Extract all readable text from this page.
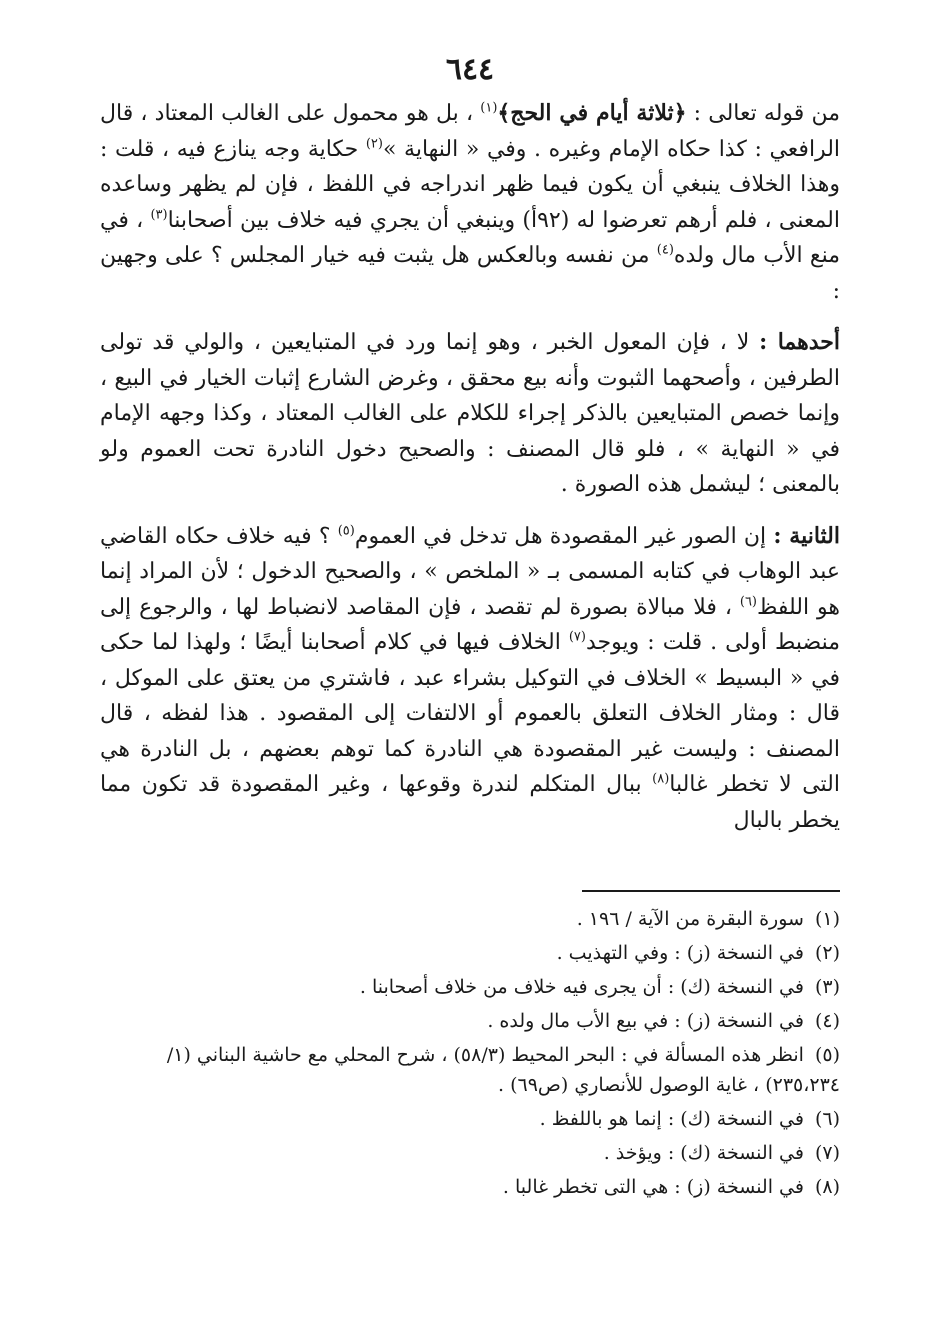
٦٤٤

من قوله تعالى : ﴿ثلاثة أيام في الحج﴾$^{(١)}$ ، بل هو محمول على الغالب المعتاد ، قال الرافعي : كذا حكاه الإمام وغيره . وفي « النهاية »$^{(٢)}$ حكاية وجه ينازع فيه ، قلت : وهذا الخلاف ينبغي أن يكون فيما ظهر اندراجه في اللفظ ، فإن لم يظهر وساعده المعنى ، فلم أرهم تعرضوا له (٩٢أ) وينبغي أن يجري فيه خلاف بين أصحابنا$^{(٣)}$ ، في منع الأب مال ولده$^{(٤)}$ من نفسه وبالعكس هل يثبت فيه خيار المجلس ؟ على وجهين :

أحدهما : لا ، فإن المعول الخبر ، وهو إنما ورد في المتبايعين ، والولي قد تولى الطرفين ، وأصحهما الثبوت وأنه بيع محقق ، وغرض الشارع إثبات الخيار في البيع ، وإنما خصص المتبايعين بالذكر إجراء للكلام على الغالب المعتاد ، وكذا وجهه الإمام في « النهاية » ، فلو قال المصنف : والصحيح دخول النادرة تحت العموم ولو بالمعنى ؛ ليشمل هذه الصورة .

الثانية : إن الصور غير المقصودة هل تدخل في العموم$^{(٥)}$ ؟ فيه خلاف حكاه القاضي عبد الوهاب في كتابه المسمى بـ « الملخص » ، والصحيح الدخول ؛ لأن المراد إنما هو اللفظ$^{(٦)}$ ، فلا مبالاة بصورة لم تقصد ، فإن المقاصد لانضباط لها ، والرجوع إلى منضبط أولى . قلت : ويوجد$^{(٧)}$ الخلاف فيها في كلام أصحابنا أيضًا ؛ ولهذا لما حكى في « البسيط » الخلاف في التوكيل بشراء عبد ، فاشتري من يعتق على الموكل ، قال : ومثار الخلاف التعلق بالعموم أو الالتفات إلى المقصود . هذا لفظه ، قال المصنف : وليست غير المقصودة هي النادرة كما توهم بعضهم ، بل النادرة هي التى لا تخطر غالبا$^{(٨)}$ ببال المتكلم لندرة وقوعها ، وغير المقصودة قد تكون مما يخطر بالبال

(١) سورة البقرة من الآية / ١٩٦ .
(٢) في النسخة (ز) : وفي التهذيب .
(٣) في النسخة (ك) : أن يجرى فيه خلاف من خلاف أصحابنا .
(٤) في النسخة (ز) : في بيع الأب مال ولده .
(٥) انظر هذه المسألة في : البحر المحيط (٥٨/٣) ، شرح المحلي مع حاشية البناني (١/ ٢٣٥،٢٣٤) ، غاية الوصول للأنصاري (ص٦٩) .
(٦) في النسخة (ك) : إنما هو باللفظ .
(٧) في النسخة (ك) : ويؤخذ .
(٨) في النسخة (ز) : هي التى تخطر غالبا .
